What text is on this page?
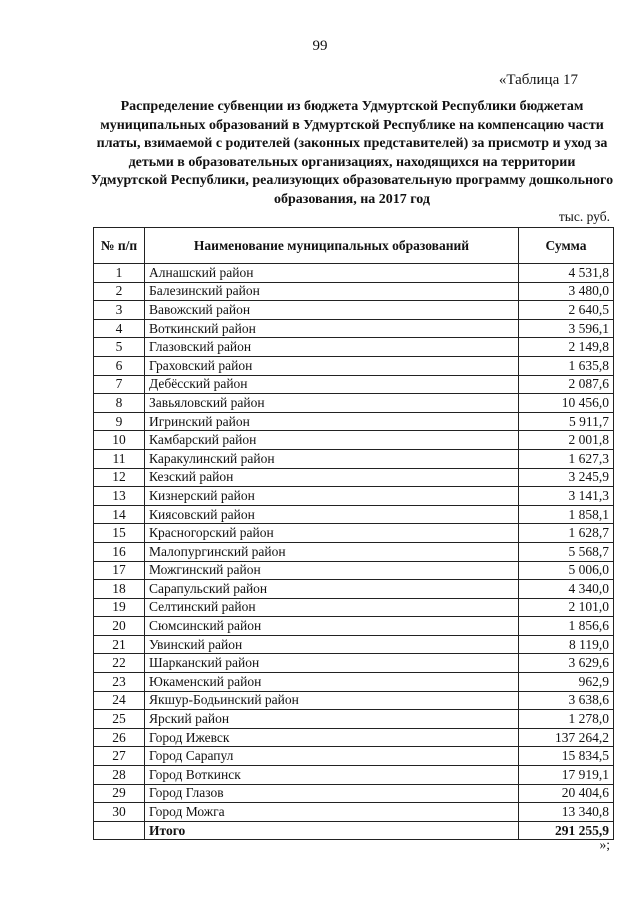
99
«Таблица 17
Распределение субвенции из бюджета Удмуртской Республики бюджетам муниципальных образований в Удмуртской Республике на компенсацию части платы, взимаемой с родителей (законных представителей) за присмотр и уход за детьми в образовательных организациях, находящихся на территории Удмуртской Республики, реализующих образовательную программу дошкольного образования, на 2017 год
тыс. руб.
№ п/п	Наименование муниципальных образований	Сумма
1	Алнашский район	4 531,8
2	Балезинский район	3 480,0
3	Вавожский район	2 640,5
4	Воткинский район	3 596,1
5	Глазовский район	2 149,8
6	Граховский район	1 635,8
7	Дебёсский район	2 087,6
8	Завьяловский район	10 456,0
9	Игринский район	5 911,7
10	Камбарский район	2 001,8
11	Каракулинский район	1 627,3
12	Кезский район	3 245,9
13	Кизнерский район	3 141,3
14	Киясовский район	1 858,1
15	Красногорский район	1 628,7
16	Малопургинский район	5 568,7
17	Можгинский район	5 006,0
18	Сарапульский район	4 340,0
19	Селтинский район	2 101,0
20	Сюмсинский район	1 856,6
21	Увинский район	8 119,0
22	Шарканский район	3 629,6
23	Юкаменский район	962,9
24	Якшур-Бодьинский район	3 638,6
25	Ярский район	1 278,0
26	Город Ижевск	137 264,2
27	Город Сарапул	15 834,5
28	Город Воткинск	17 919,1
29	Город Глазов	20 404,6
30	Город Можга	13 340,8
	Итого	291 255,9
»;
